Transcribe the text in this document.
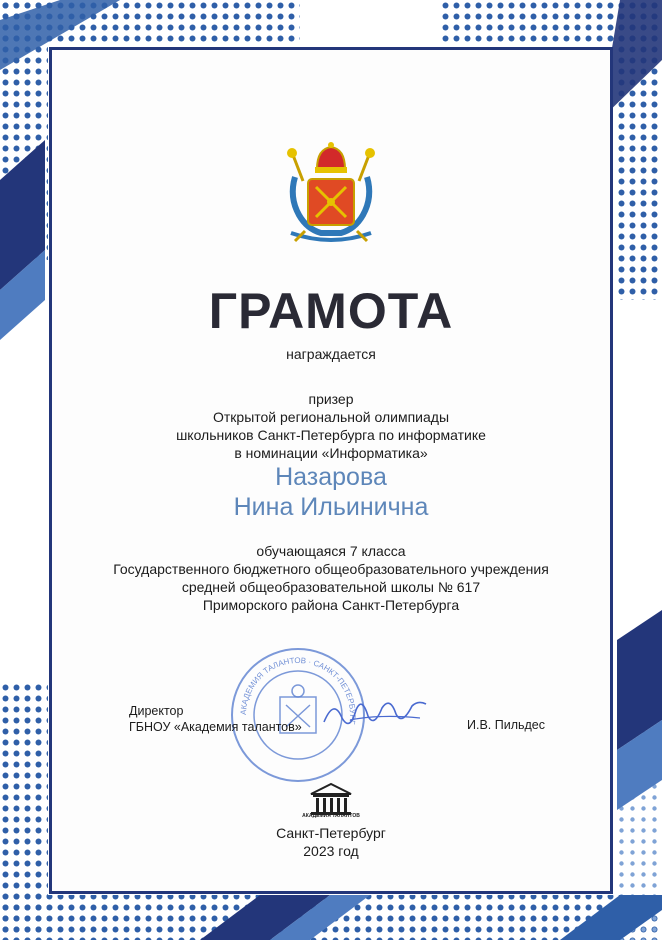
ГРАМОТА
награждается
призер
Открытой региональной олимпиады
школьников Санкт-Петербурга по информатике
в номинации «Информатика»
Назарова
Нина Ильинична
обучающаяся 7 класса
Государственного бюджетного общеобразовательного учреждения
средней общеобразовательной школы № 617
Приморского района Санкт-Петербурга
АКАДЕМИЯ ТАЛАНТОВ · САНКТ-ПЕТЕРБУРГ
Директор
ГБНОУ «Академия талантов»	И.В. Пильдес
АКАДЕМИЯ ТАЛАНТОВ
Санкт-Петербург
2023 год
